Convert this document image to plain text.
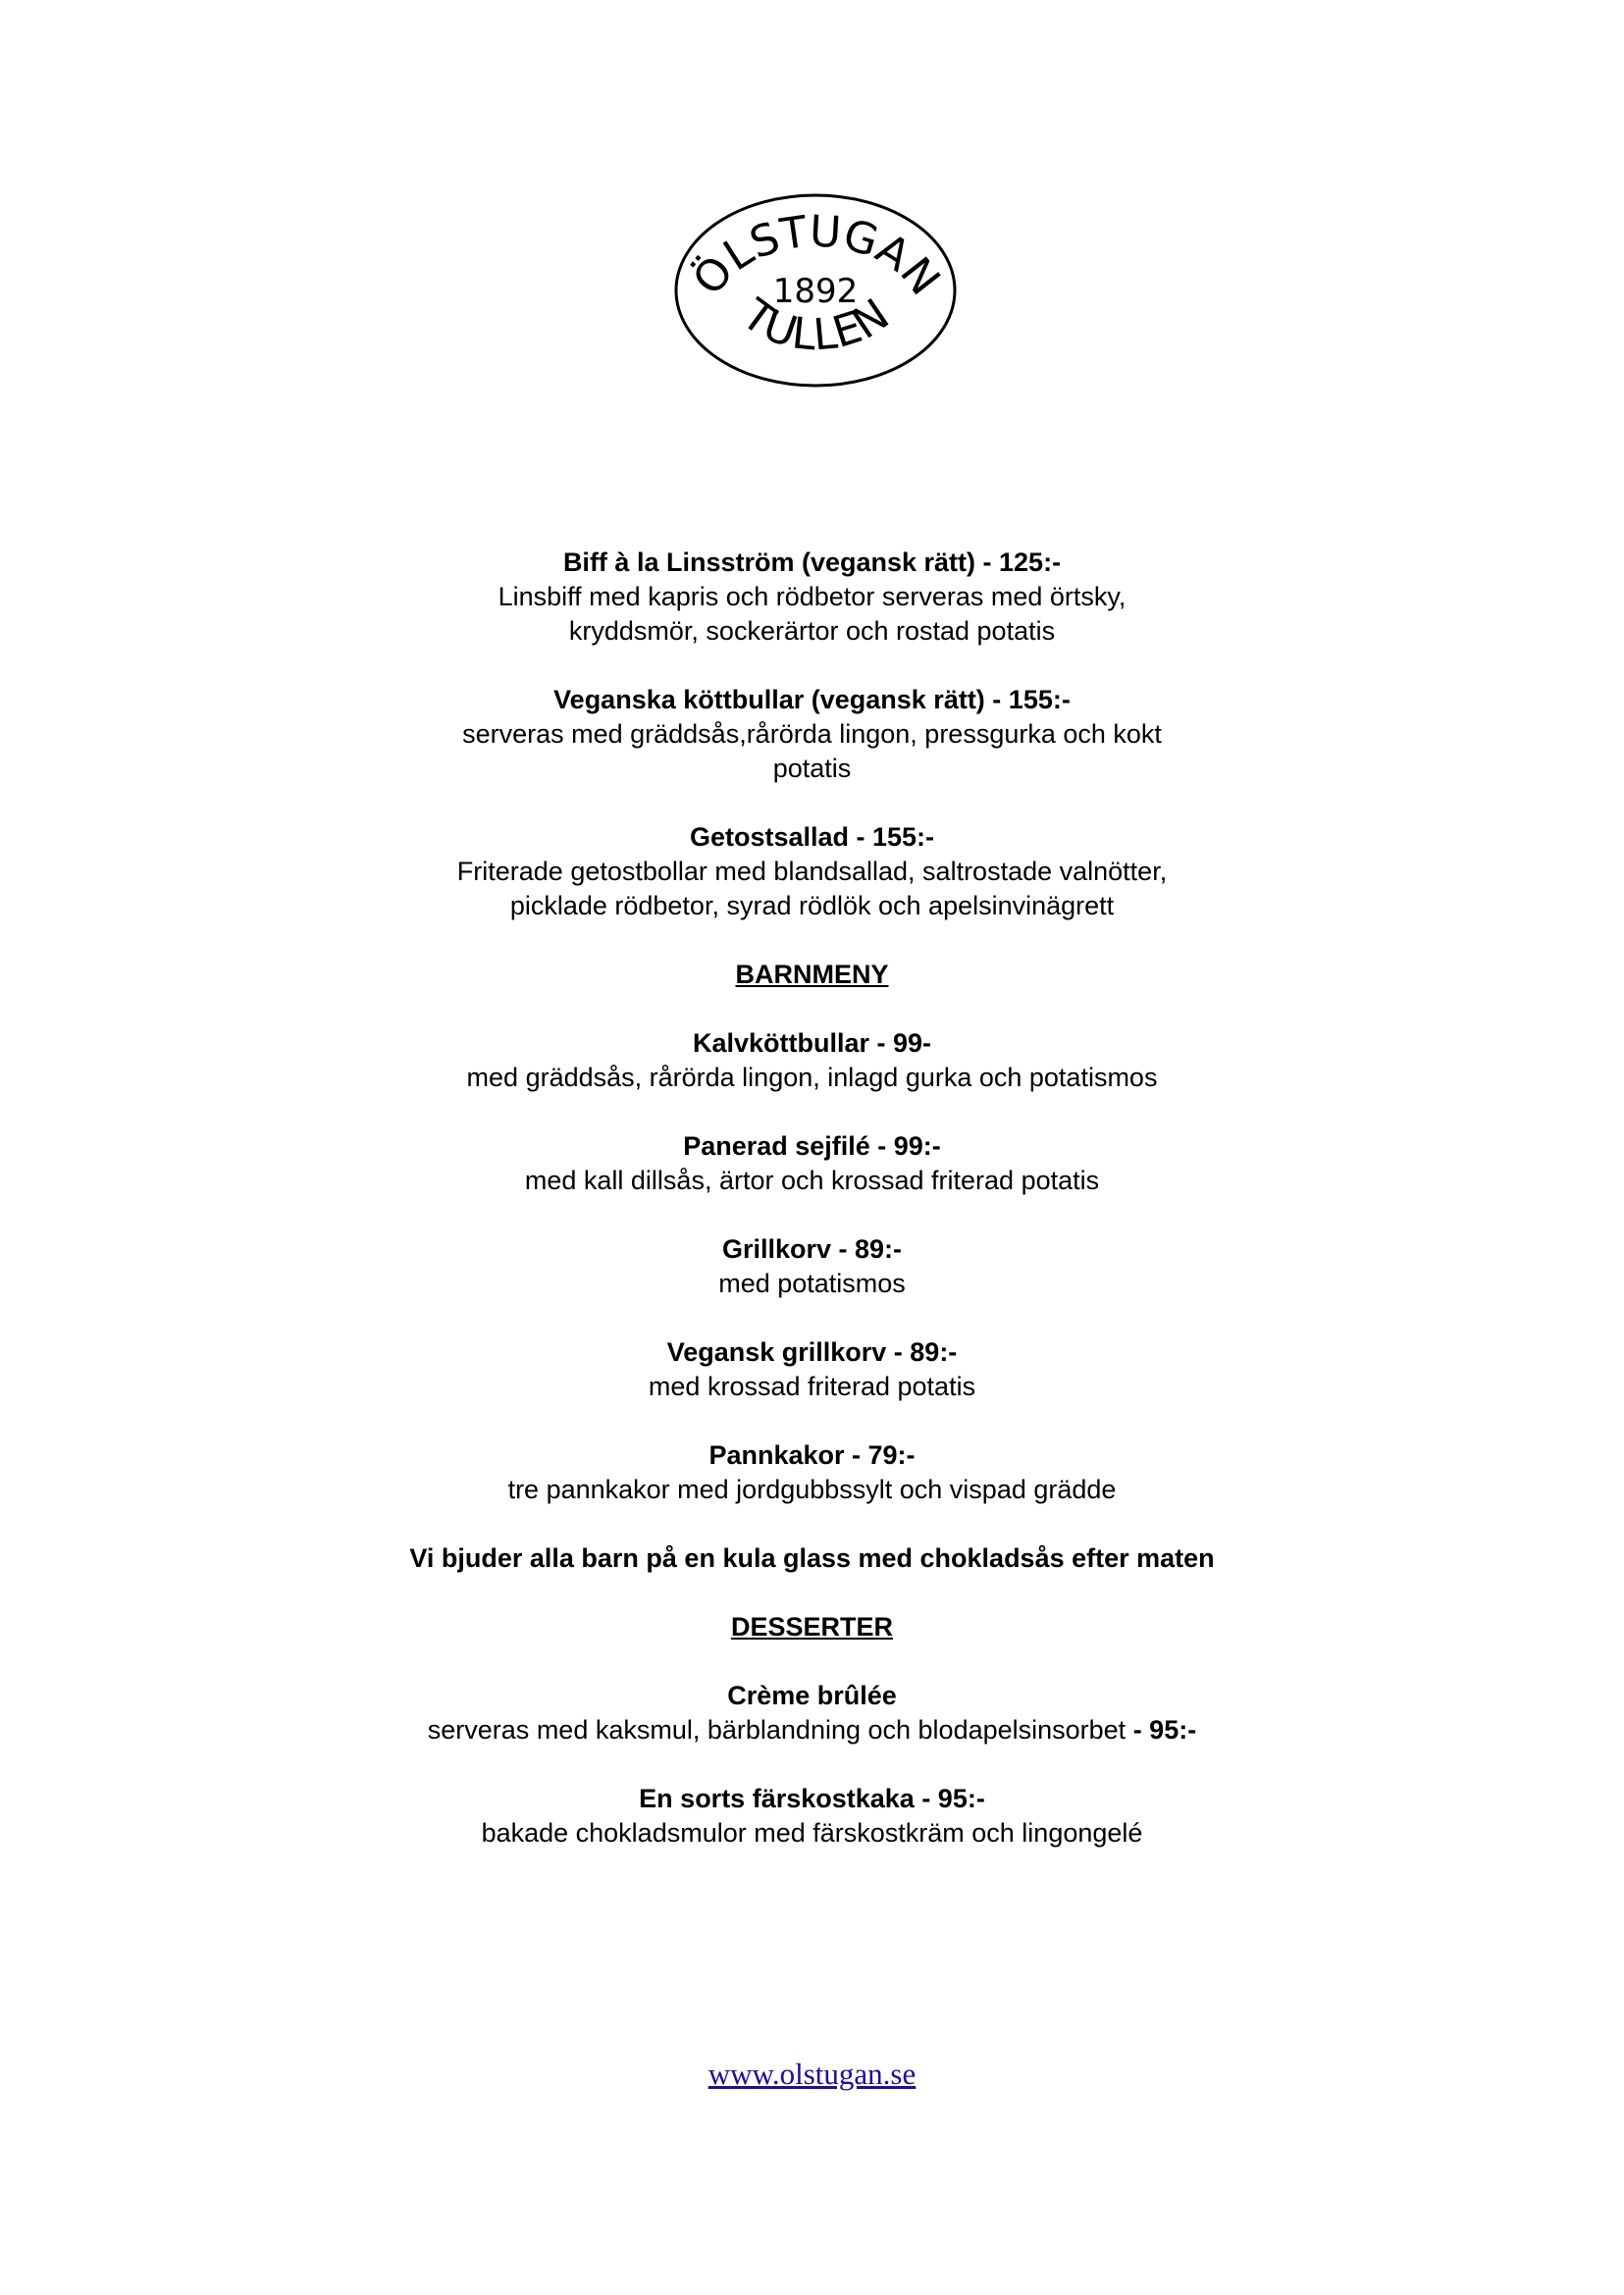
ÖLSTUGAN
1892
TULLEN
Biff à la Linsström (vegansk rätt) - 125:-
Linsbiff med kapris och rödbetor serveras med örtsky, kryddsmör, sockerärtor och rostad potatis
Veganska köttbullar (vegansk rätt) - 155:-
serveras med gräddsås,rårörda lingon, pressgurka och kokt potatis
Getostsallad - 155:-
Friterade getostbollar med blandsallad, saltrostade valnötter, picklade rödbetor, syrad rödlök och apelsinvinägrett
BARNMENY
Kalvköttbullar - 99-
med gräddsås, rårörda lingon, inlagd gurka och potatismos
Panerad sejfilé - 99:-
med kall dillsås, ärtor och krossad friterad potatis
Grillkorv - 89:-
med potatismos
Vegansk grillkorv - 89:-
med krossad friterad potatis
Pannkakor - 79:-
tre pannkakor med jordgubbssylt och vispad grädde
Vi bjuder alla barn på en kula glass med chokladsås efter maten
DESSERTER
Crème brûlée
serveras med kaksmul, bärblandning och blodapelsinsorbet - 95:-
En sorts färskostkaka - 95:-
bakade chokladsmulor med färskostkräm och lingongelé
www.olstugan.se
